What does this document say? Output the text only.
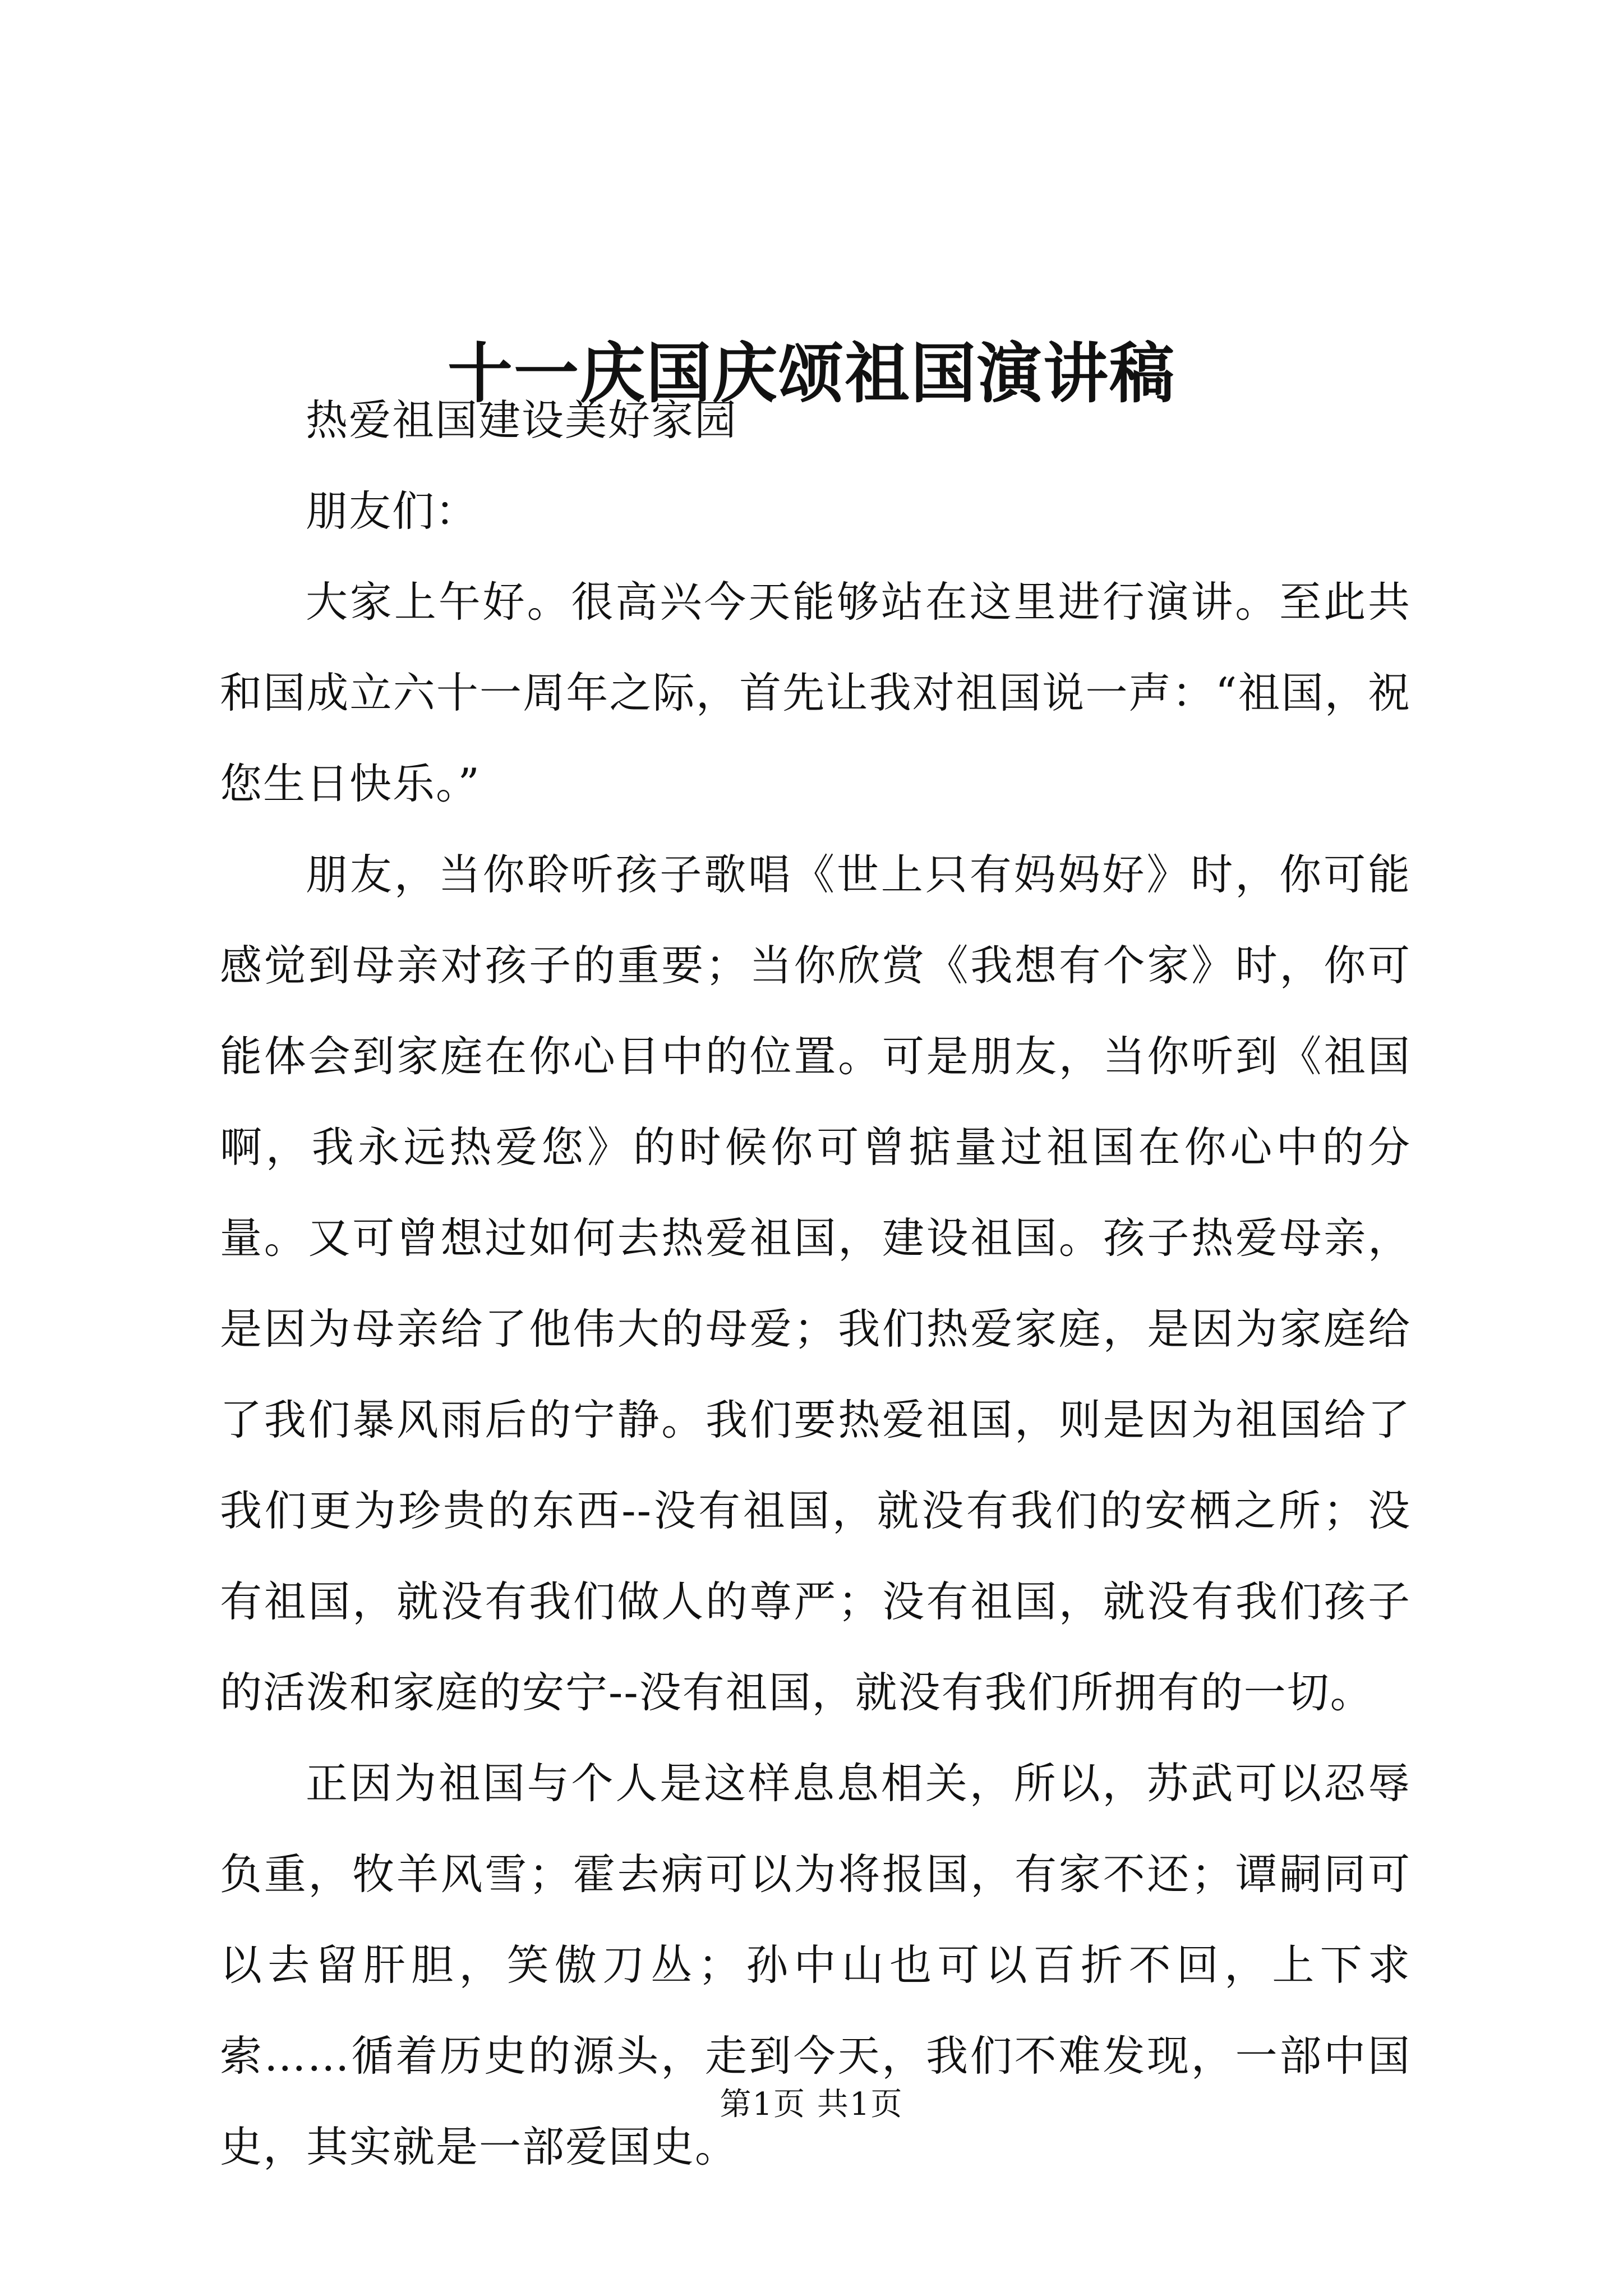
十一庆国庆颂祖国演讲稿

热爱祖国建设美好家园

朋友们：

大家上午好。很高兴今天能够站在这里进行演讲。至此共和国成立六十一周年之际，首先让我对祖国说一声：“祖国，祝您生日快乐。”

朋友，当你聆听孩子歌唱《世上只有妈妈好》时，你可能感觉到母亲对孩子的重要；当你欣赏《我想有个家》时，你可能体会到家庭在你心目中的位置。可是朋友，当你听到《祖国啊，我永远热爱您》的时候你可曾掂量过祖国在你心中的分量。又可曾想过如何去热爱祖国，建设祖国。孩子热爱母亲，是因为母亲给了他伟大的母爱；我们热爱家庭，是因为家庭给了我们暴风雨后的宁静。我们要热爱祖国，则是因为祖国给了我们更为珍贵的东西--没有祖国，就没有我们的安栖之所；没有祖国，就没有我们做人的尊严；没有祖国，就没有我们孩子的活泼和家庭的安宁--没有祖国，就没有我们所拥有的一切。

正因为祖国与个人是这样息息相关，所以，苏武可以忍辱负重，牧羊风雪；霍去病可以为将报国，有家不还；谭嗣同可以去留肝胆，笑傲刀丛；孙中山也可以百折不回，上下求索……循着历史的源头，走到今天，我们不难发现，一部中国史，其实就是一部爱国史。

第1页 共1页
